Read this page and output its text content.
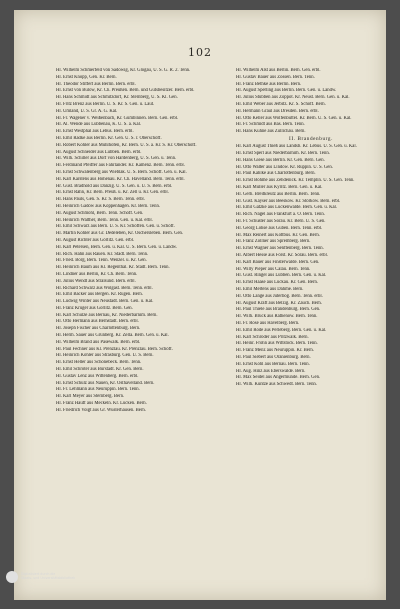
102

Hl. Wilhelm Schmerfeld von Sadowig, Kr. Glogau, U. S. G. R. 2. Tenn.

Hl. Ernst Knopp, Gen. Kr. Bern.

Hl. Theodor Stiffert aus Berlin. Bern. erbl.

Hl. Ernst von Bülow, Kr. Ch. Preußen. Bern. und Gutsbesitzer. Bern. erbl.

Hl. Hans Schmidt aus Schmitzdorf, Kr. Sternberg, U. S. Kl. Gen.

Hl. Fritz Brenz aus Berlin. U. S. Kr. S. Gen. u. Laut.

Hl. Umland, U. S. Gr. A. G. Kal.

Hl. Fr. Wagener v. Weißenbach, Kr. Gumbinnen. Bern. Gen. erbl.

Hl. Al. Wende aus Lübbenau, K. U. S. a. Kal.

Hl. Ernst Westphal aus Lebus. Bern. erbl.

Hl. Emil Radke aus Berlin. Kr. Gen. U. S. r. Oberschöff.

Hl. Robert Kohler aus Mühlhofen, Kr. Bern. U. S. a. Kr. S. Kr. Oberschöff.

Hl. August Schneider aus Lübben. Bern. erbl.

Hl. Wilh. Schiller aus Dorf von Hardenberg, U. S. Gen. u. Tenn.

Hl. Ferdinand Pfeiffer aus Fahrländer. Kr. Kamenz. Bern. Tenn. erbl.

Hl. Ernst Schwalenberg aus Wieblak. U. S. Bern. Schöff. Gen. u. Kal.

Hl. Karl Karstens aus Hohenau. Kr. Ch. Havelland. Bern. Tenn. erbl.

Hr. Gust. Bradhold aus Danzig. U. S. Gen. u. U. S. Bern. erbl.

Hl. Ernst Rahn, Kr. Bern. Preuß. u. Kr. Zell u. Kr. Gen. erbl.

Hl. Hans Pauls, Gen. S. Kr. S. Bern. Tenn. erbl.

Hl. Heinrich Gadow aus Koppenhagen. Kr. Bern. Tenn.

Hl. August Schmöhl, Bern. Tenn. Schöff. Gen.

Hl. Heinrich Walther, Bern. Tenn. Gen. u. Kal. erbl.

Hl. Emil Schwarz aus Bern. U. S. Kr. Schöffen. Gen. u. Schöff.

Hl. Martin Köhler aus Gr. Dedeleben, Kr. Oschersleben. Bern. Gen.

Hl. August Richter aus Görlitz. Gen. erbl.

Hl. Karl Petersen, Bern. Gen. u. Kal. U. S. Bern. Gen. u. Landw.

Hl. Rich. Hahn aus Rauen. Kr. Stadt. Bern. Tenn.

Hl. Fried. Borg, Bern. Tenn. Wenzel. u. Kr. Gen.

Hl. Heinrich Baum aus Kl. Regenthal. Kr. Stadt. Bern. Tenn.

Hl. Lindner aus Berlin, Kr. Ch. Bern. Tenn.

Hl. Julius Wendt aus Stralsund. Bern. erbl.

Hl. Richard Schwarz aus Wolgast. Bern. Tenn. erbl.

Hl. Emil Bäcker aus Bergen. Kr. Rügen. Bern.

Hl. Ludwig Winter aus Neustadt. Bern. Gen. u. Kal.

Hl. Franz Krüger aus Görlitz. Bern. Gen.

Hl. Karl Schulze aus Bernau, Kr. Niederbarnim. Bern.

Hl. Otto Hermann aus Bernstadt. Bern. erbl.

Hl. Joseph Fischer aus Charlottenburg. Bern.

Hl. Herm. Sauer aus Grünberg. Kr. Zella. Bern. Gen. u. Kal.

Hl. Wilhelm Brand aus Pasewalk. Bern. erbl.

Hl. Paul Fechner aus Kl. Prenzlau. Kr. Prenzlau. Bern. Schöff.

Hl. Heinrich Köhler aus Strasburg. Gen. U. S. Bern.

Hl. Ernst Heller aus Schönebeck. Bern. Tenn.

Hl. Emil Schröter aus Bürstadt. Kr. Gen. Bern.

Hl. Gustav Lenz aus Wittenberg. Bern. erbl.

Hl. Ernst Schulz aus Nauen, Kr. Osthavelland. Bern.

Hl. Fr. Lehmann aus Neuruppin. Bern. Tenn.

Hl. Karl Meyer aus Sternberg. Bern.

Hl. Franz Hauff aus Meckeln. Kr. Lucken. Bern.

Hl. Friedrich Voigt aus Gr. Wusterhausen. Bern.

Hl. Wilhelm Alst aus Berlin. Bern. Gen. erbl.

Hl. Gustav Bauer aus Zossen. Bern. Tenn.

Hl. Franz Bethke aus Berlin. Bern.

Hl. August Sperling aus Berlin. Bern. Gen. u. Landw.

Hl. Julius Stübben aus Zoppot. Kr. Neust. Bern. Gen. u. Kal.

Hl. Emil Weber aus Jerbitz. Kr. S. Schöff. Bern.

Hl. Hermann Graul aus Dresden. Bern. erbl.

Hl. Otto Keller aus Wolfenbüttel. Kr. Bern. U. S. Gen. u. Kal.

Hl. Fr. Schmidt aus Bas. Bern. Tenn.

Hl. Hans Kühne aus Züllichau. Bern.

II. Brandenburg.

Hl. Karl August Thieß aus Landsb. Kr. Lebus. U. S. Gen. u. Kal.

Hl. Ernst Sperl aus Niederbarnim. Kr. Bern. Tenn.

Hl. Hans Giese aus Berlin. Kr. Gen. Bern. Gen.

Hl. Otto Walter aus Lindow. Kr. Ruppin. U. S. Gen.

Hl. Paul Kahlke aus Charlottenburg. Bern.

Hl. Ernst Böhme aus Zehdenick. Kr. Templin. U. S. Gen. Tenn.

Hl. Karl Müller aus Kyritz. Bern. Gen. u. Kal.

Hl. Gerh. Breitkreutz aus Berlin. Bern. Tenn.

Hl. Gust. Kayser aus Beeskow. Kr. Storkow. Bern. erbl.

Hl. Emil Gatzke aus Luckenwalde. Bern. Gen. u. Kal.

Hl. Rich. Nagel aus Frankfurt a. O. Bern. Tenn.

Hl. Fr. Schuster aus Sorau. Kr. Bern. U. S. Gen.

Hl. Georg Lohse aus Guben. Bern. Tenn. erbl.

Hl. Max Reinert aus Kottbus. Kr. Gen. Bern.

Hl. Franz Zöllner aus Spremberg. Bern.

Hl. Ernst Wagner aus Senftenberg. Bern. Tenn.

Hl. Albert Hesse aus Forst. Kr. Sorau. Bern. erbl.

Hl. Karl Bauer aus Finsterwalde. Bern. Gen.

Hl. Willy Pieper aus Calau. Bern. Tenn.

Hl. Gust. Ringel aus Lübben. Bern. Gen. u. Kal.

Hl. Ernst Haase aus Luckau. Kr. Gen. Bern.

Hl. Emil Mertens aus Dahme. Bern.

Hl. Otto Lange aus Jüterbog. Bern. Tenn. erbl.

Hl. August Kraft aus Belzig. Kr. Zauch. Bern.

Hl. Paul Thiele aus Brandenburg. Bern. Gen.

Hl. Wilh. Brück aus Rathenow. Bern. Tenn.

Hl. Fr. Rose aus Havelberg. Bern.

Hl. Emil Rode aus Perleberg. Bern. Gen. u. Kal.

Hl. Karl Schröder aus Pritzwalk. Bern.

Hl. Heinr. Frohn aus Wittstock. Bern. Tenn.

Hl. Franz Menz aus Neuruppin. Kr. Bern.

Hl. Paul Siebert aus Oranienburg. Bern.

Hl. Ernst Kohl aus Bernau. Bern. Tenn.

Hl. Aug. Hinz aus Eberswalde. Bern.

Hl. Max Seidel aus Angermünde. Bern. Gen.

Hl. Wilh. Kuntze aus Schwedt. Bern. Tenn.

Digitalisiert durch die
Staats- und Universitätsbibliothek
